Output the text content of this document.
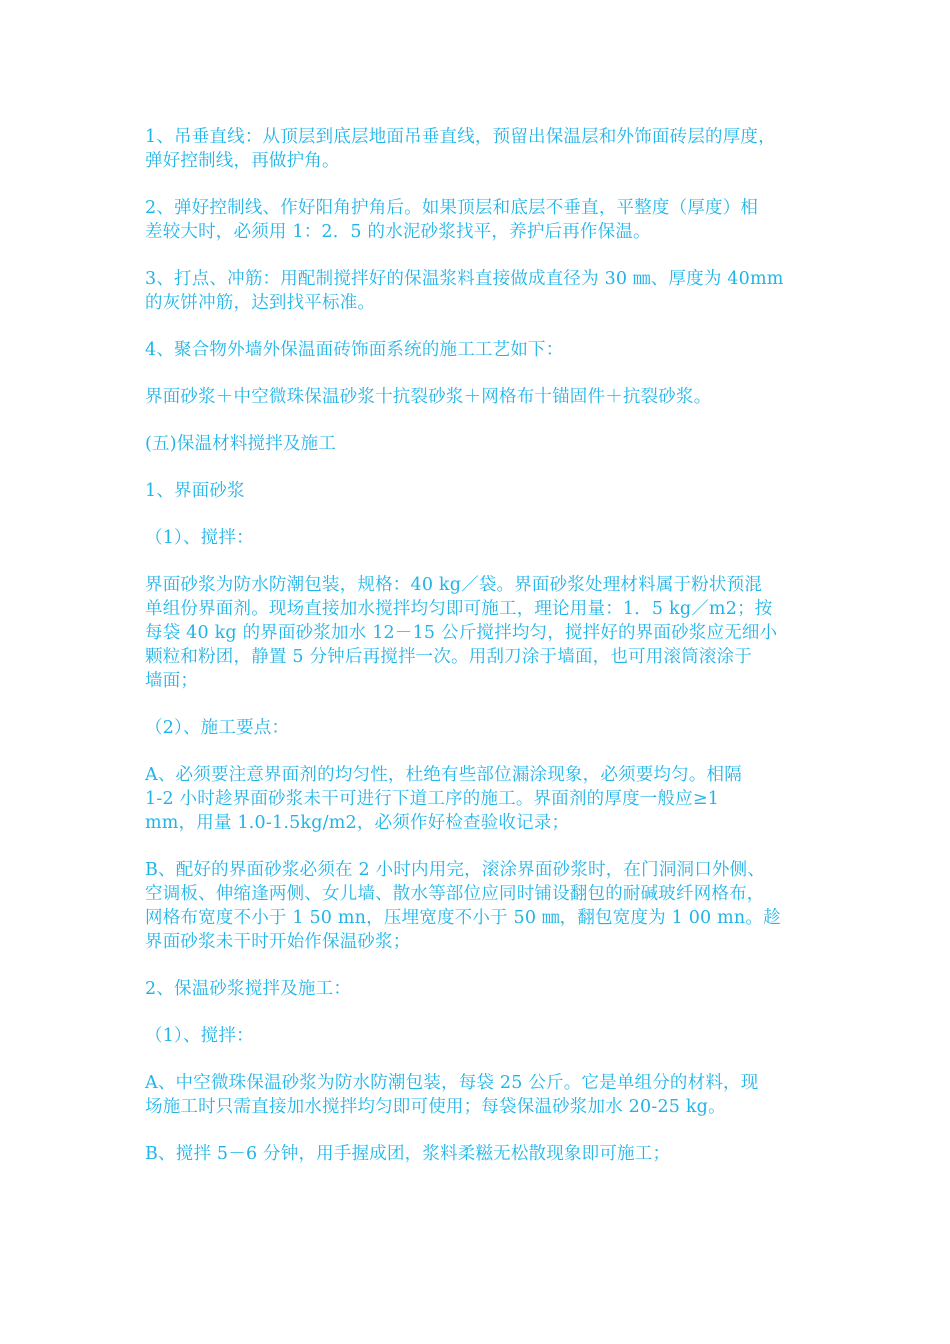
1、吊垂直线：从顶层到底层地面吊垂直线，预留出保温层和外饰面砖层的厚度，
弹好控制线，再做护角。
2、弹好控制线、作好阳角护角后。如果顶层和底层不垂直，平整度（厚度）相
差较大时，必须用 1：2．5 的水泥砂浆找平，养护后再作保温。
3、打点、冲筋：用配制搅拌好的保温浆料直接做成直径为 30 ㎜、厚度为 40mm
的灰饼冲筋，达到找平标准。
4、聚合物外墙外保温面砖饰面系统的施工工艺如下：
界面砂浆＋中空微珠保温砂浆十抗裂砂浆＋网格布十锚固件＋抗裂砂浆。
(五)保温材料搅拌及施工
1、界面砂浆
（1）、搅拌：
界面砂浆为防水防潮包装，规格：40 kg／袋。界面砂浆处理材料属于粉状预混
单组份界面剂。现场直接加水搅拌均匀即可施工，理论用量：1．5 kg／m2；按
每袋 40 kg 的界面砂浆加水 12－15 公斤搅拌均匀，搅拌好的界面砂浆应无细小
颗粒和粉团，静置 5 分钟后再搅拌一次。用刮刀涂于墙面，也可用滚筒滚涂于
墙面；
（2）、施工要点：
A、必须要注意界面剂的均匀性，杜绝有些部位漏涂现象，必须要均匀。相隔
1-2 小时趁界面砂浆未干可进行下道工序的施工。界面剂的厚度一般应≥1
mm，用量 1.0-1.5kg/m2，必须作好检查验收记录；
B、配好的界面砂浆必须在 2 小时内用完，滚涂界面砂浆时，在门洞洞口外侧、
空调板、伸缩逢两侧、女儿墙、散水等部位应同时铺设翻包的耐碱玻纤网格布，
网格布宽度不小于 1 50 mn，压埋宽度不小于 50 ㎜，翻包宽度为 1 00 mn。趁
界面砂浆未干时开始作保温砂浆；
2、保温砂浆搅拌及施工：
（1）、搅拌：
A、中空微珠保温砂浆为防水防潮包装，每袋 25 公斤。它是单组分的材料，现
场施工时只需直接加水搅拌均匀即可使用；每袋保温砂浆加水 20-25 kg。
B、搅拌 5－6 分钟，用手握成团，浆料柔糍无松散现象即可施工；
